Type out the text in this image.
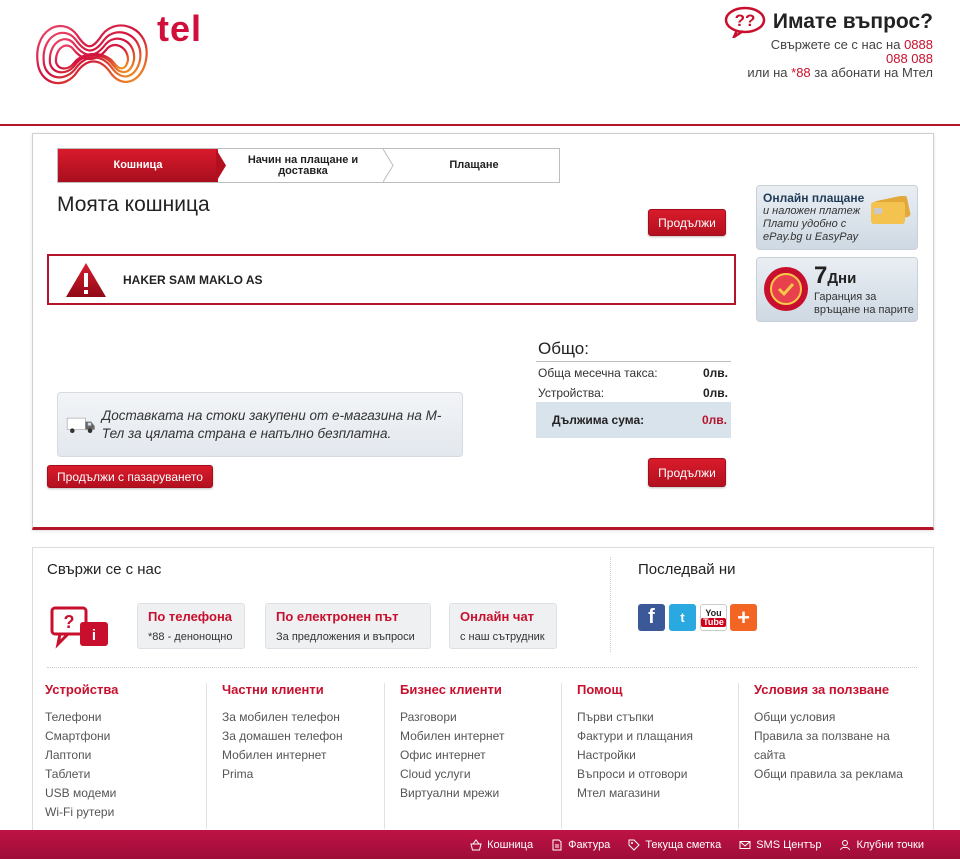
tel	?? Имате въпрос?
Свържете се с нас на 0888
088 088
или на *88 за абонати на Мтел
Кошница	Начин на плащане и доставка	Плащане
Моята кошница
Продължи
HAKER SAM MAKLO AS
Общо:
Обща месечна такса:	0лв.
Устройства:	0лв.
Дължима сума:	0лв.
Доставката на стоки закупени от е-магазина на М-Тел за цялата страна е напълно безплатна.
Продължи с пазаруването	Продължи
Онлайн плащане
и наложен платеж
Плати удобно с
ePay.bg и EasyPay
7Дни
Гаранция за
връщане на парите
Свържи се с нас	Последвай ни
?
i
По телефона
*88 - денонощно
По електронен път
За предложения и въпроси
Онлайн чат
с наш сътрудник
f	t	You
Tube +
Устройства
Телефони
Смартфони
Лаптопи
Таблети
USB модеми
Wi-Fi рутери
Частни клиенти
За мобилен телефон
За домашен телефон
Мобилен интернет
Prima
Бизнес клиенти
Разговори
Мобилен интернет
Офис интернет
Cloud услуги
Виртуални мрежи
Помощ
Първи стъпки
Фактури и плащания
Настройки
Въпроси и отговори
Мтел магазини
Условия за ползване
Общи условия
Правила за ползване на сайта
Общи правила за реклама
Кошница	Фактура	Текуща сметка	SMS Център	Клубни точки
